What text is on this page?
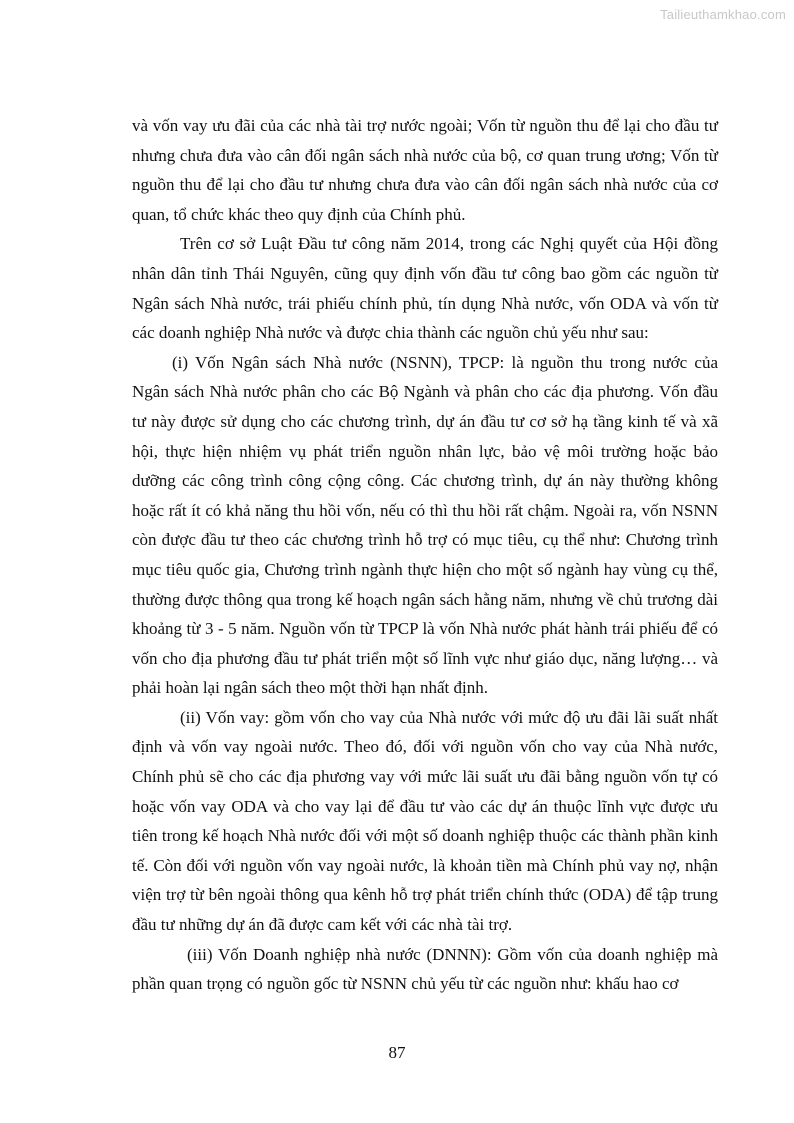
Tailieuthamkhao.com

và vốn vay ưu đãi của các nhà tài trợ nước ngoài; Vốn từ nguồn thu để lại cho đầu tư nhưng chưa đưa vào cân đối ngân sách nhà nước của bộ, cơ quan trung ương; Vốn từ nguồn thu để lại cho đầu tư nhưng chưa đưa vào cân đối ngân sách nhà nước của cơ quan, tổ chức khác theo quy định của Chính phủ.

Trên cơ sở Luật Đầu tư công năm 2014, trong các Nghị quyết của Hội đồng nhân dân tỉnh Thái Nguyên, cũng quy định vốn đầu tư công bao gồm các nguồn từ Ngân sách Nhà nước, trái phiếu chính phủ, tín dụng Nhà nước, vốn ODA và vốn từ các doanh nghiệp Nhà nước và được chia thành các nguồn chủ yếu như sau:

(i) Vốn Ngân sách Nhà nước (NSNN), TPCP: là nguồn thu trong nước của Ngân sách Nhà nước phân cho các Bộ Ngành và phân cho các địa phương. Vốn đầu tư này được sử dụng cho các chương trình, dự án đầu tư cơ sở hạ tầng kinh tế và xã hội, thực hiện nhiệm vụ phát triển nguồn nhân lực, bảo vệ môi trường hoặc bảo dưỡng các công trình công cộng công. Các chương trình, dự án này thường không hoặc rất ít có khả năng thu hồi vốn, nếu có thì thu hồi rất chậm. Ngoài ra, vốn NSNN còn được đầu tư theo các chương trình hỗ trợ có mục tiêu, cụ thể như: Chương trình mục tiêu quốc gia, Chương trình ngành thực hiện cho một số ngành hay vùng cụ thể, thường được thông qua trong kế hoạch ngân sách hằng năm, nhưng về chủ trương dài khoảng từ 3 - 5 năm. Nguồn vốn từ TPCP là vốn Nhà nước phát hành trái phiếu để có vốn cho địa phương đầu tư phát triển một số lĩnh vực như giáo dục, năng lượng… và phải hoàn lại ngân sách theo một thời hạn nhất định.

(ii) Vốn vay: gồm vốn cho vay của Nhà nước với mức độ ưu đãi lãi suất nhất định và vốn vay ngoài nước. Theo đó, đối với nguồn vốn cho vay của Nhà nước, Chính phủ sẽ cho các địa phương vay với mức lãi suất ưu đãi bằng nguồn vốn tự có hoặc vốn vay ODA và cho vay lại để đầu tư vào các dự án thuộc lĩnh vực được ưu tiên trong kế hoạch Nhà nước đối với một số doanh nghiệp thuộc các thành phần kinh tế. Còn đối với nguồn vốn vay ngoài nước, là khoản tiền mà Chính phủ vay nợ, nhận viện trợ từ bên ngoài thông qua kênh hỗ trợ phát triển chính thức (ODA) để tập trung đầu tư những dự án đã được cam kết với các nhà tài trợ.

(iii) Vốn Doanh nghiệp nhà nước (DNNN): Gồm vốn của doanh nghiệp mà phần quan trọng có nguồn gốc từ NSNN chủ yếu từ các nguồn như: khấu hao cơ

87
